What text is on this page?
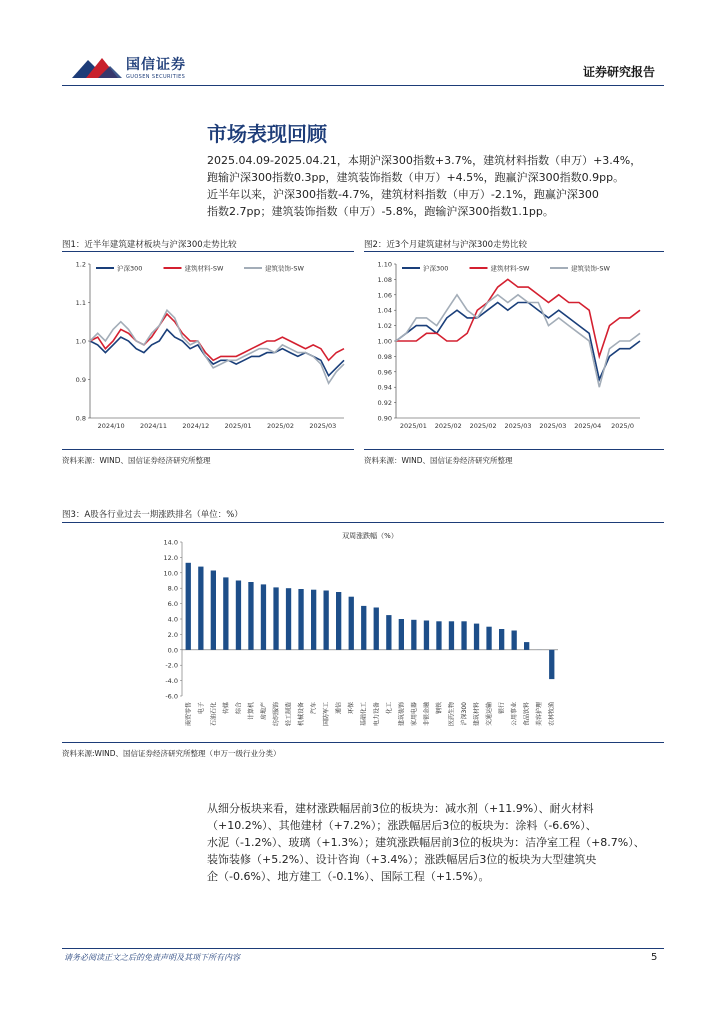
国信证券
GUOSEN SECURITIES	证券研究报告
市场表现回顾
2025.04.09-2025.04.21，本期沪深300指数+3.7%，建筑材料指数（申万）+3.4%，
跑输沪深300指数0.3pp，建筑装饰指数（申万）+4.5%，跑赢沪深300指数0.9pp。
近半年以来，沪深300指数-4.7%，建筑材料指数（申万）-2.1%，跑赢沪深300
指数2.7pp；建筑装饰指数（申万）-5.8%，跑输沪深300指数1.1pp。
图1：近半年建筑建材板块与沪深300走势比较
0.8
0.9
1.0
1.1
1.2
2024/10 2024/11 2024/12 2025/01 2025/02 2025/03
沪深300	建筑材料-SW	建筑装饰-SW
资料来源：WIND、国信证券经济研究所整理
图2：近3个月建筑建材与沪深300走势比较
0.90
0.92
0.94
0.96
0.98
1.00
1.02
1.04
1.06
1.08
1.10
2025/01 2025/02 2025/02 2025/03 2025/03 2025/04 2025/0
沪深300	建筑材料-SW	建筑装饰-SW
资料来源：WIND、国信证券经济研究所整理
图3：A股各行业过去一期涨跌排名（单位：%）
双周涨跌幅（%）
-6.0
-4.0
-2.0
0.0
2.0
4.0
6.0
8.0
10.0
12.0
14.0
商贸零售 电子 石油石化 传媒 综合 计算机 房地产 纺织服饰 轻工制造 机械设备 汽车 国防军工 通信 环保 基础化工 电力设备 化工 建筑装饰 家用电器 非银金融 钢铁 医药生物 沪深300 建筑材料 交通运输 银行 公用事业 食品饮料 美容护理 农林牧渔
资料来源:WIND、国信证券经济研究所整理（申万一级行业分类）
从细分板块来看，建材涨跌幅居前3位的板块为：减水剂（+11.9%）、耐火材料
（+10.2%）、其他建材（+7.2%）；涨跌幅居后3位的板块为：涂料（-6.6%）、
水泥（-1.2%）、玻璃（+1.3%）；建筑涨跌幅居前3位的板块为：洁净室工程（+8.7%）、
装饰装修（+5.2%）、设计咨询（+3.4%）；涨跌幅居后3位的板块为大型建筑央
企（-0.6%）、地方建工（-0.1%）、国际工程（+1.5%）。
请务必阅读正文之后的免责声明及其项下所有内容	5
